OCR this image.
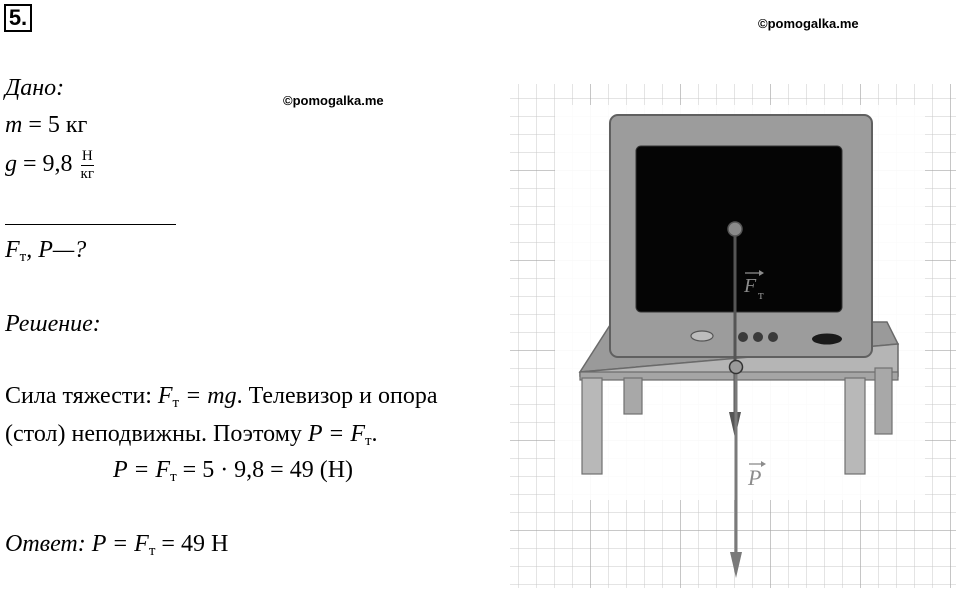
5.	©pomogalka.me
©pomogalka.me
Дано:
m = 5 кг
$g = 9,8 \frac{Н}{кг}$
$F_т$, P—?
Решение:
Сила тяжести: $F_т$ = mg. Телевизор и опора
(стол) неподвижны. Поэтому $P = F_т$.
$P = F_т = 5 \cdot 9,8 = 49$ (Н)
Ответ: $P = F_т = 49$ Н
F т
P
